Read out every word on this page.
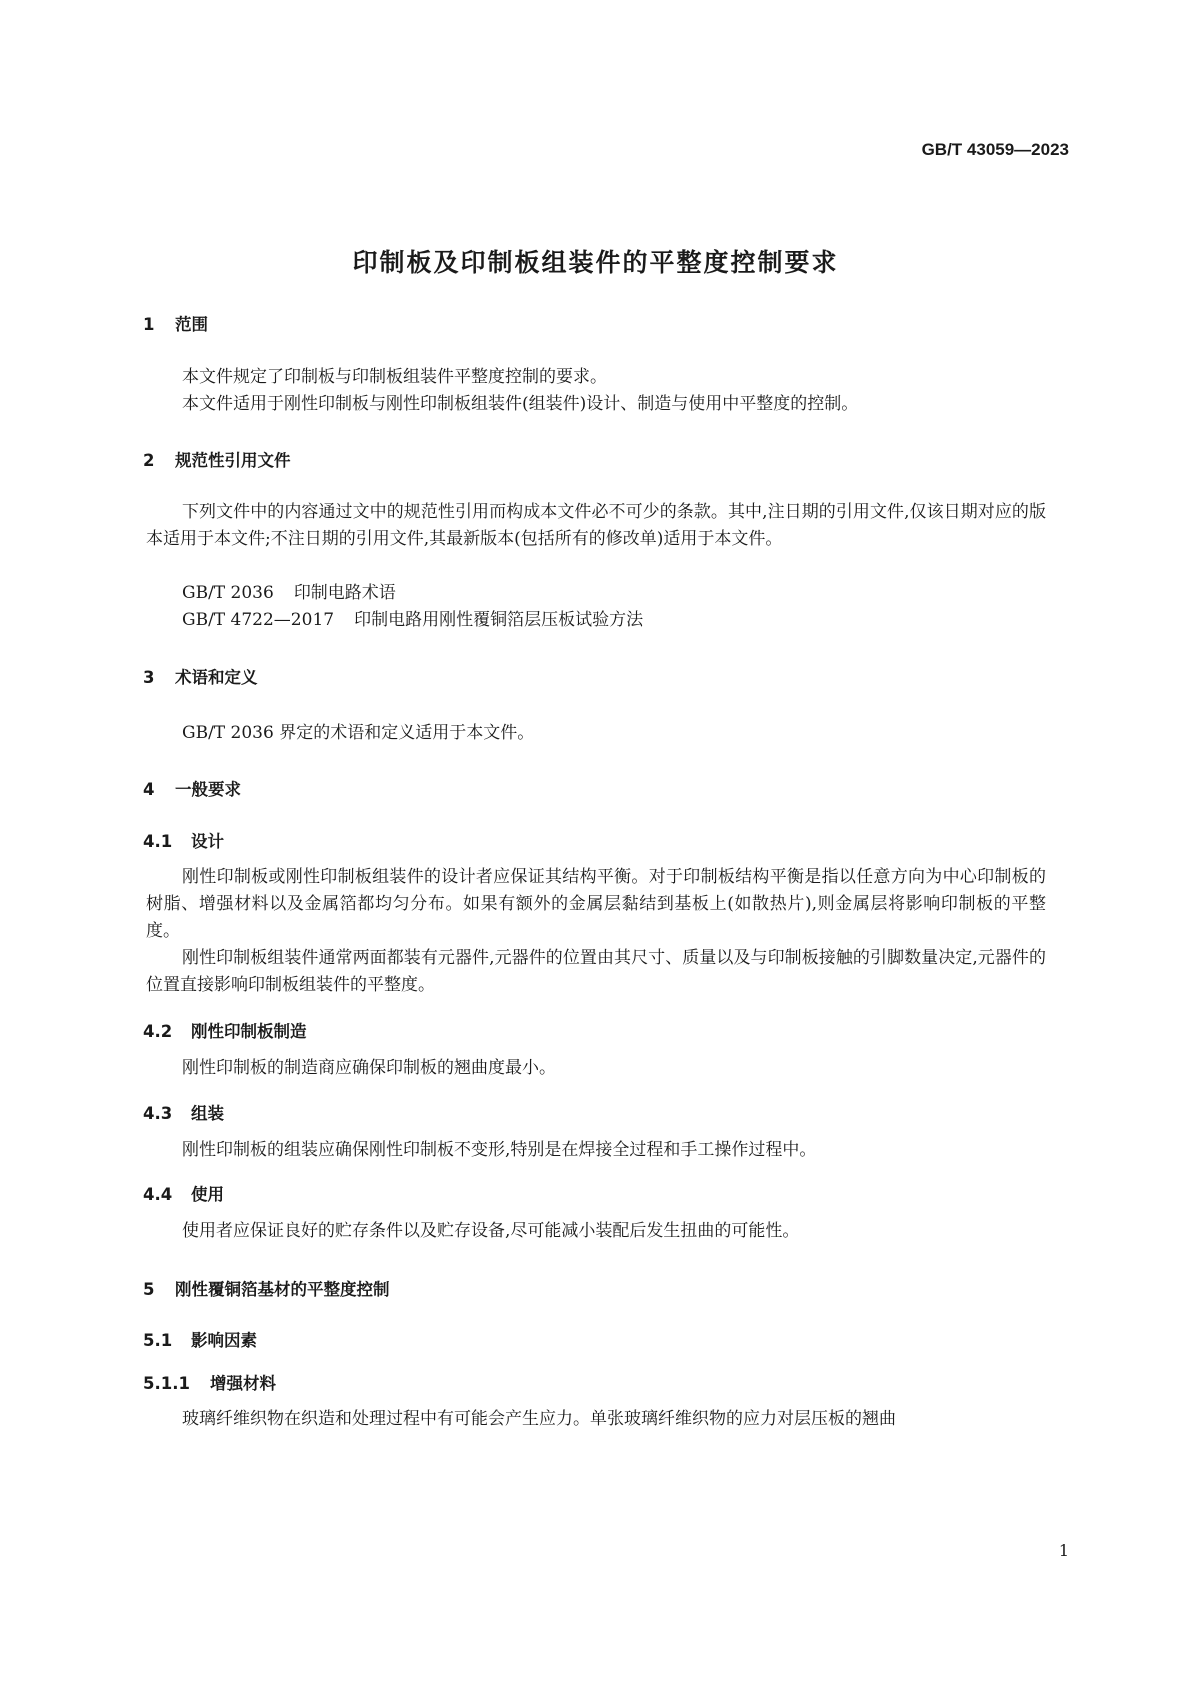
GB/T 43059—2023
印制板及印制板组装件的平整度控制要求
1 范围
本文件规定了印制板与印制板组装件平整度控制的要求。
本文件适用于刚性印制板与刚性印制板组装件(组装件)设计、制造与使用中平整度的控制。
2 规范性引用文件
下列文件中的内容通过文中的规范性引用而构成本文件必不可少的条款。其中,注日期的引用文件,仅该日期对应的版本适用于本文件;不注日期的引用文件,其最新版本(包括所有的修改单)适用于本文件。
GB/T 2036 印制电路术语
GB/T 4722—2017 印制电路用刚性覆铜箔层压板试验方法
3 术语和定义
GB/T 2036 界定的术语和定义适用于本文件。
4 一般要求
4.1 设计
刚性印制板或刚性印制板组装件的设计者应保证其结构平衡。对于印制板结构平衡是指以任意方向为中心印制板的树脂、增强材料以及金属箔都均匀分布。如果有额外的金属层黏结到基板上(如散热片),则金属层将影响印制板的平整度。
刚性印制板组装件通常两面都装有元器件,元器件的位置由其尺寸、质量以及与印制板接触的引脚数量决定,元器件的位置直接影响印制板组装件的平整度。
4.2 刚性印制板制造
刚性印制板的制造商应确保印制板的翘曲度最小。
4.3 组装
刚性印制板的组装应确保刚性印制板不变形,特别是在焊接全过程和手工操作过程中。
4.4 使用
使用者应保证良好的贮存条件以及贮存设备,尽可能减小装配后发生扭曲的可能性。
5 刚性覆铜箔基材的平整度控制
5.1 影响因素
5.1.1 增强材料
玻璃纤维织物在织造和处理过程中有可能会产生应力。单张玻璃纤维织物的应力对层压板的翘曲
1
